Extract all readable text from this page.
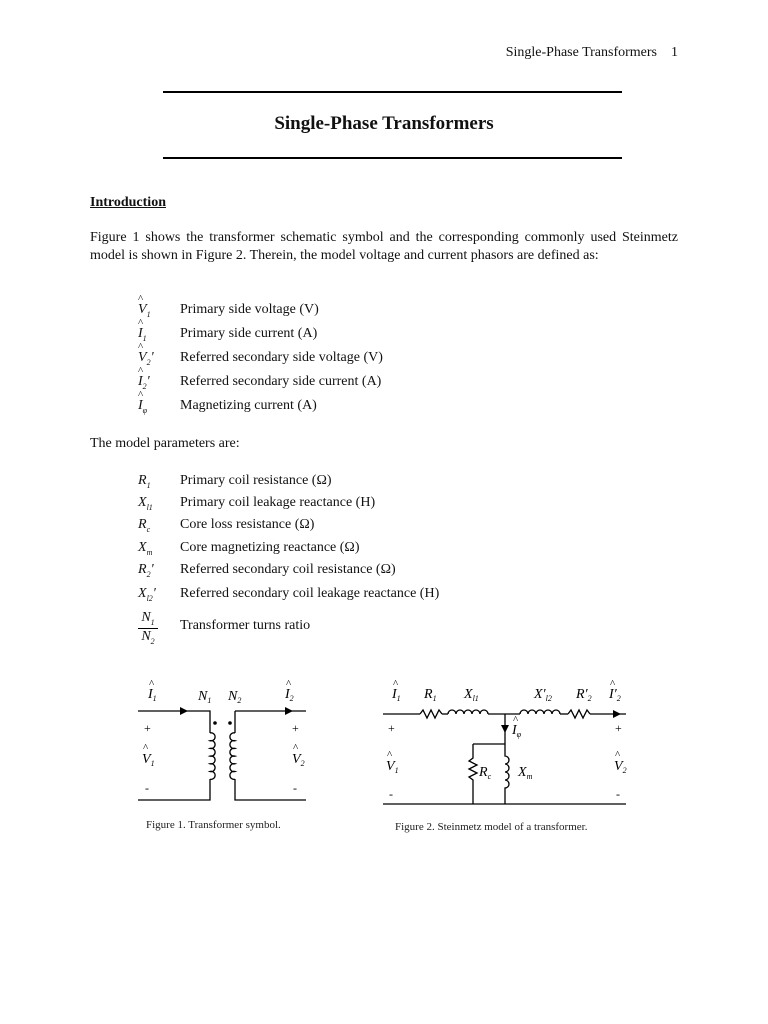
Single-Phase Transformers 1
Single-Phase Transformers
Introduction
Figure 1 shows the transformer schematic symbol and the corresponding commonly used Steinmetz model is shown in Figure 2. Therein, the model voltage and current phasors are defined as:
^ $V_1$	Primary side voltage (V)
^ $I_1$	Primary side current (A)
^ $V_2'$	Referred secondary side voltage (V)
^ $I_2'$	Referred secondary side current (A)
^ $I_\varphi$	Magnetizing current (A)
The model parameters are:
$R_1$	Primary coil resistance (Ω)
$X_{l1}$	Primary coil leakage reactance (H)
$R_c$	Core loss resistance (Ω)
$X_m$	Core magnetizing reactance (Ω)
$R_2'$	Referred secondary coil resistance (Ω)
$X_{l2}'$	Referred secondary coil leakage reactance (H)
$\frac{N_1}{N_2}$ Transformer turns ratio
$I_1$	$N_1$ $N_2$	$I_2$
$V_1$	$V_2$
^	^
^	^
+	+
-	-
Figure 1. Transformer symbol.
$I_1$ $R_1$ $X_{l1}$	$X'_{l2}$ $R'_2$ $I'_2$
$I_\varphi$
$V_1$	$R_c$ $X_m$
$V_2$
^	^
^
^	^
+	+
-	-
Figure 2. Steinmetz model of a transformer.
